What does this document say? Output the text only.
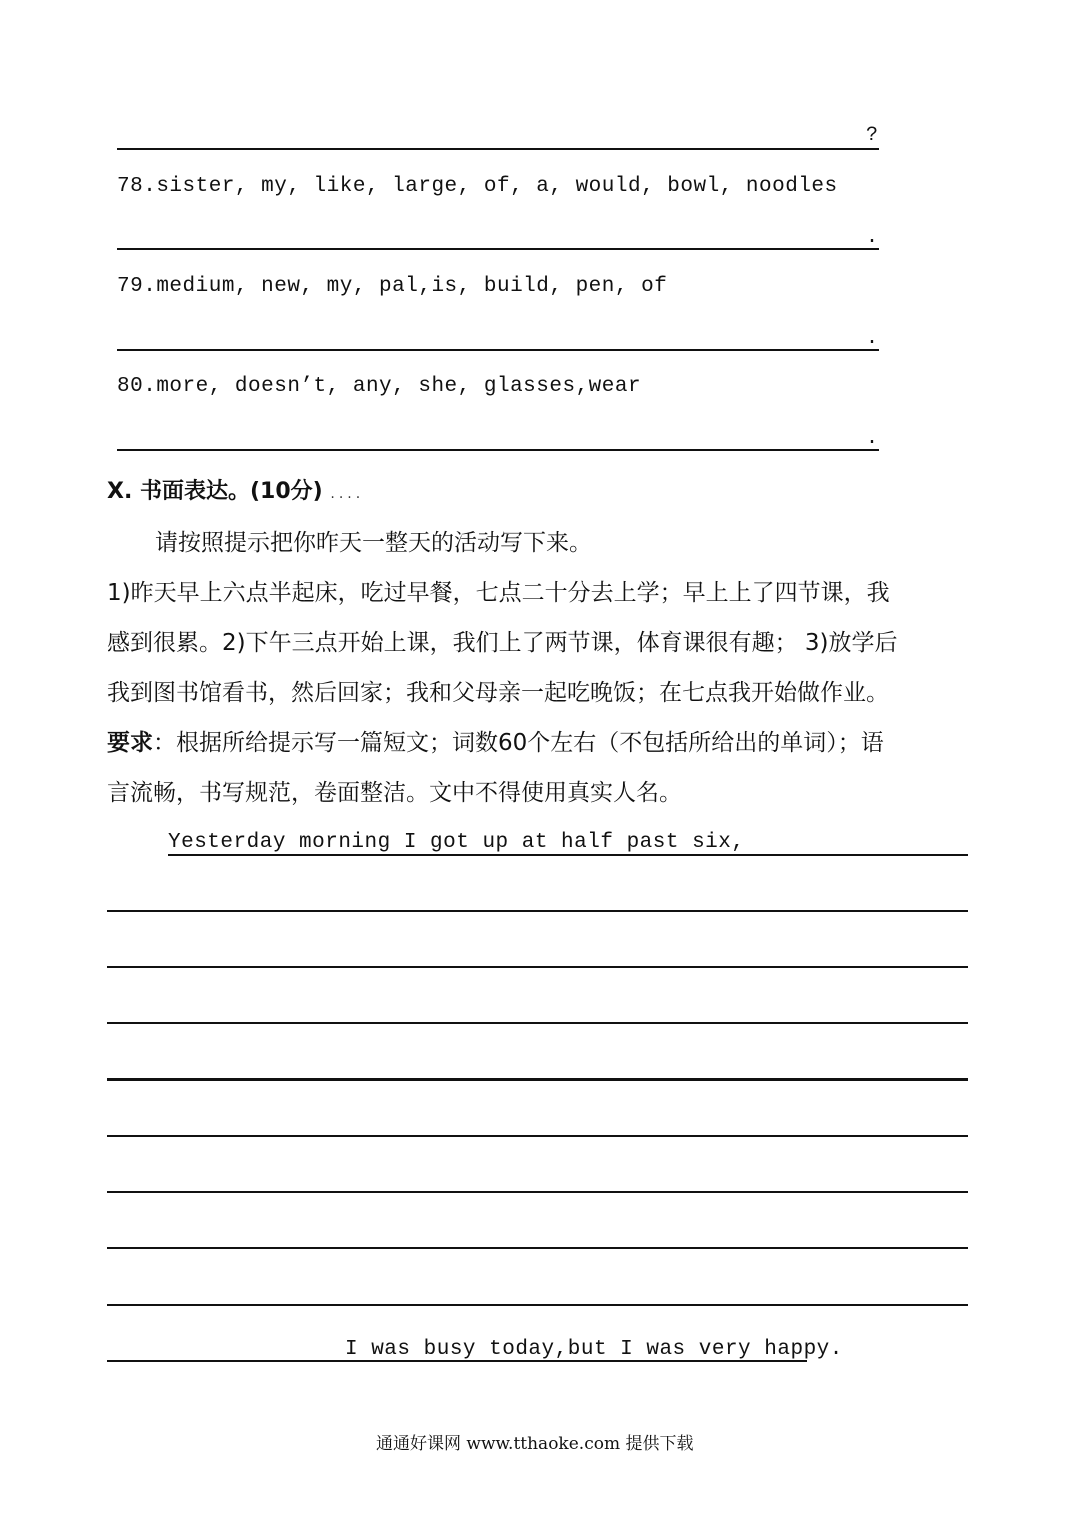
?
78.sister, my, like, large, of, a, would, bowl, noodles
.
79.medium, new, my, pal,is, build, pen, of
.
80.more, doesn’t, any, she, glasses,wear
.
X. 书面表达。(10分) ....
请按照提示把你昨天一整天的活动写下来。
1)昨天早上六点半起床，吃过早餐，七点二十分去上学；早上上了四节课，我
感到很累。2)下午三点开始上课，我们上了两节课，体育课很有趣； 3)放学后
我到图书馆看书，然后回家；我和父母亲一起吃晚饭；在七点我开始做作业。
要求：根据所给提示写一篇短文；词数60个左右（不包括所给出的单词）；语
言流畅，书写规范，卷面整洁。文中不得使用真实人名。
Yesterday morning I got up at half past six,
I was busy today,but I was very happy.
通通好课网 www.tthaoke.com 提供下载
